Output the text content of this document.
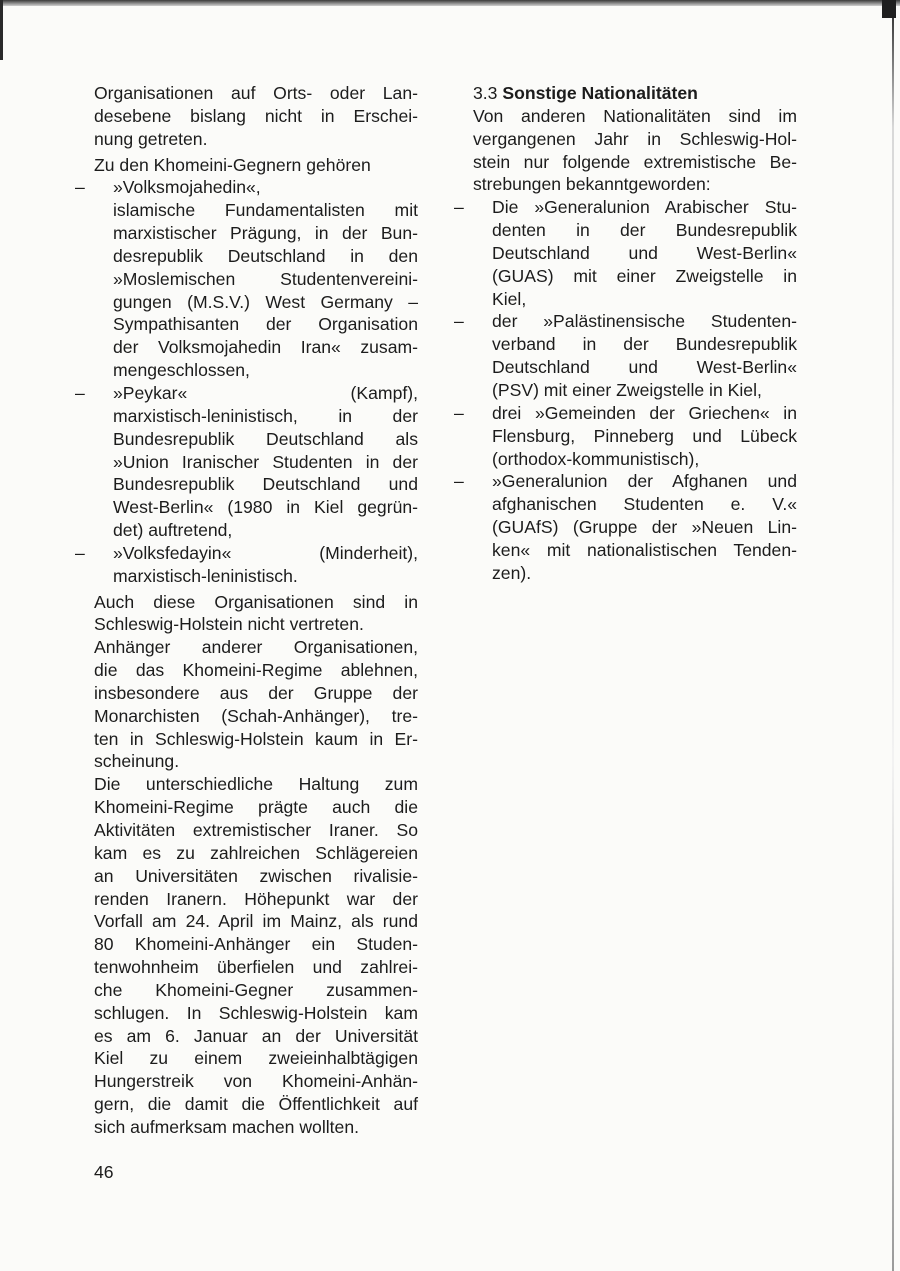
Organisationen auf Orts- oder Lan-
desebene bislang nicht in Erschei-
nung getreten.
Zu den Khomeini-Gegnern gehören
– »Volksmojahedin«,
islamische Fundamentalisten mit
marxistischer Prägung, in der Bun-
desrepublik Deutschland in den
»Moslemischen Studentenvereini-
gungen (M.S.V.) West Germany –
Sympathisanten der Organisation
der Volksmojahedin Iran« zusam-
mengeschlossen,
– »Peykar« (Kampf),
marxistisch-leninistisch, in der
Bundesrepublik Deutschland als
»Union Iranischer Studenten in der
Bundesrepublik Deutschland und
West-Berlin« (1980 in Kiel gegrün-
det) auftretend,
– »Volksfedayin« (Minderheit),
marxistisch-leninistisch.
Auch diese Organisationen sind in
Schleswig-Holstein nicht vertreten.
Anhänger anderer Organisationen,
die das Khomeini-Regime ablehnen,
insbesondere aus der Gruppe der
Monarchisten (Schah-Anhänger), tre-
ten in Schleswig-Holstein kaum in Er-
scheinung.
Die unterschiedliche Haltung zum
Khomeini-Regime prägte auch die
Aktivitäten extremistischer Iraner. So
kam es zu zahlreichen Schlägereien
an Universitäten zwischen rivalisie-
renden Iranern. Höhepunkt war der
Vorfall am 24. April im Mainz, als rund
80 Khomeini-Anhänger ein Studen-
tenwohnheim überfielen und zahlrei-
che Khomeini-Gegner zusammen-
schlugen. In Schleswig-Holstein kam
es am 6. Januar an der Universität
Kiel zu einem zweieinhalbtägigen
Hungerstreik von Khomeini-Anhän-
gern, die damit die Öffentlichkeit auf
sich aufmerksam machen wollten.
3.3 Sonstige Nationalitäten
Von anderen Nationalitäten sind im
vergangenen Jahr in Schleswig-Hol-
stein nur folgende extremistische Be-
strebungen bekanntgeworden:
– Die »Generalunion Arabischer Stu-
denten in der Bundesrepublik
Deutschland und West-Berlin«
(GUAS) mit einer Zweigstelle in
Kiel,
– der »Palästinensische Studenten-
verband in der Bundesrepublik
Deutschland und West-Berlin«
(PSV) mit einer Zweigstelle in Kiel,
– drei »Gemeinden der Griechen« in
Flensburg, Pinneberg und Lübeck
(orthodox-kommunistisch),
– »Generalunion der Afghanen und
afghanischen Studenten e. V.«
(GUAfS) (Gruppe der »Neuen Lin-
ken« mit nationalistischen Tenden-
zen).
46
